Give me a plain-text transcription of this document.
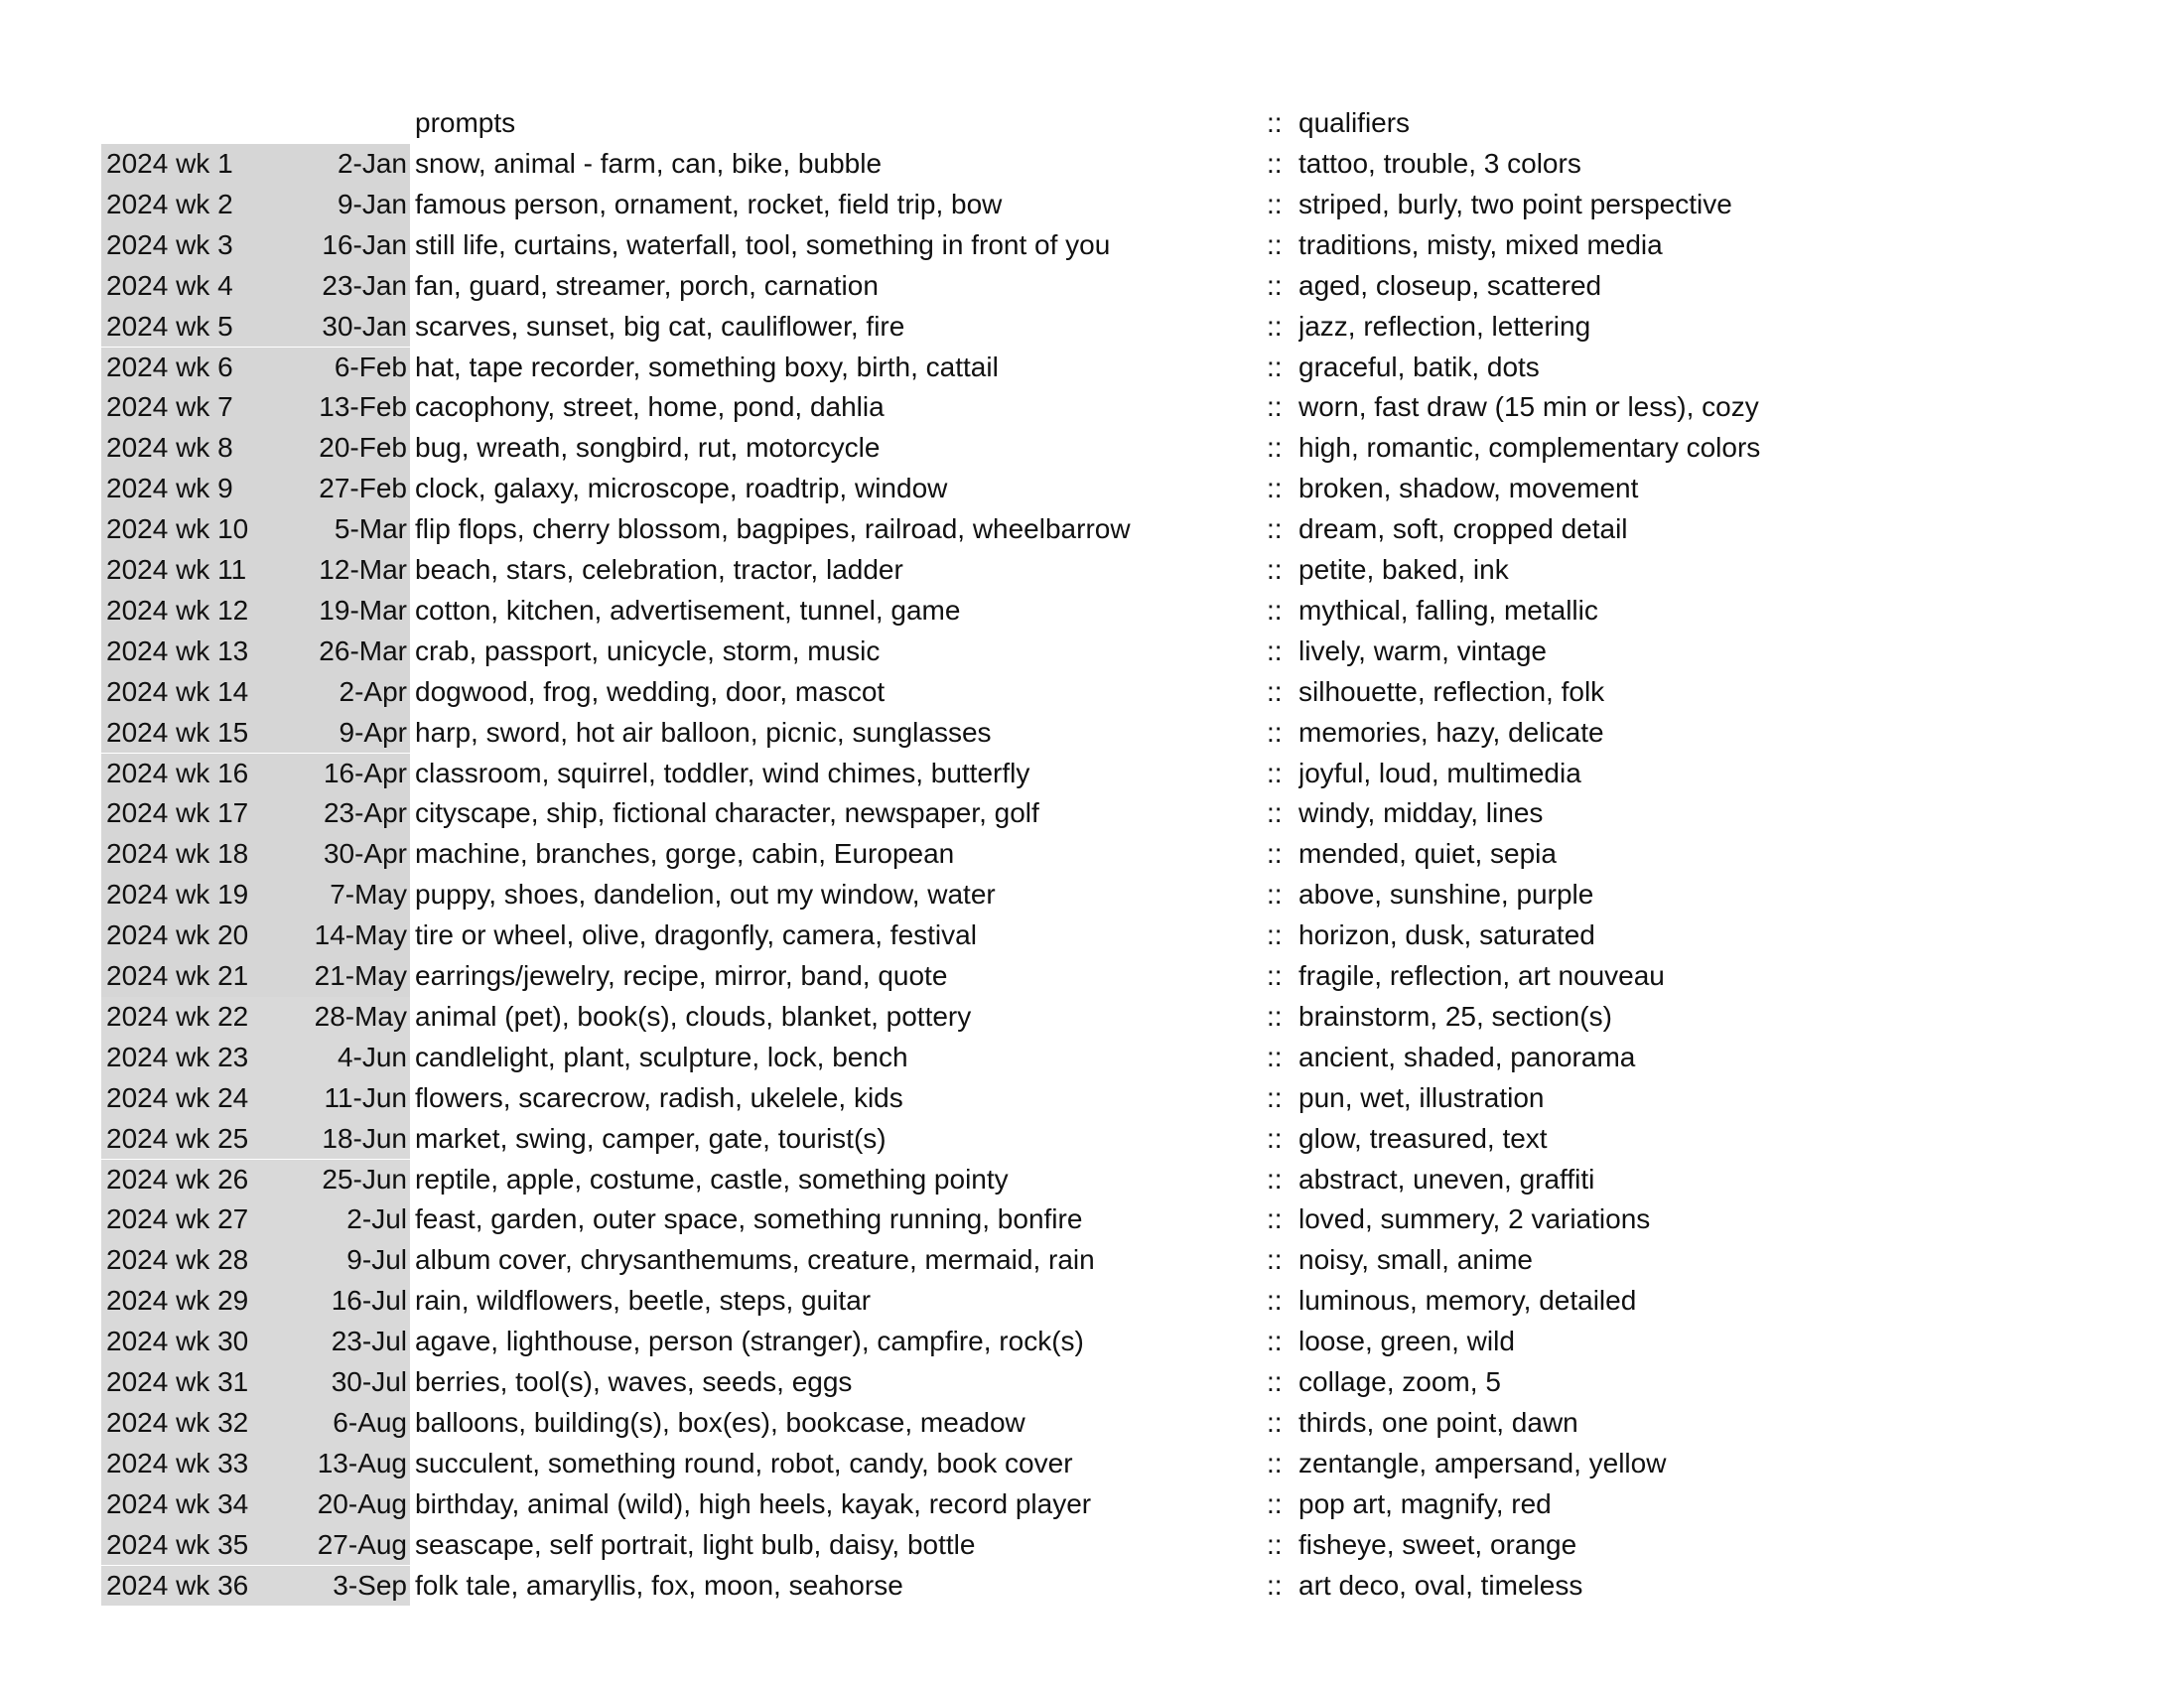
prompts	:: qualifiers
2024 wk 1	2-Jan snow, animal - farm, can, bike, bubble	:: tattoo, trouble, 3 colors
2024 wk 2	9-Jan famous person, ornament, rocket, field trip, bow	:: striped, burly, two point perspective
2024 wk 3	16-Jan still life, curtains, waterfall, tool, something in front of you	:: traditions, misty, mixed media
2024 wk 4	23-Jan fan, guard, streamer, porch, carnation	:: aged, closeup, scattered
2024 wk 5	30-Jan scarves, sunset, big cat, cauliflower, fire	:: jazz, reflection, lettering
2024 wk 6	6-Feb hat, tape recorder, something boxy, birth, cattail	:: graceful, batik, dots
2024 wk 7	13-Feb cacophony, street, home, pond, dahlia	:: worn, fast draw (15 min or less), cozy
2024 wk 8	20-Feb bug, wreath, songbird, rut, motorcycle	:: high, romantic, complementary colors
2024 wk 9	27-Feb clock, galaxy, microscope, roadtrip, window	:: broken, shadow, movement
2024 wk 10	5-Mar flip flops, cherry blossom, bagpipes, railroad, wheelbarrow	:: dream, soft, cropped detail
2024 wk 11	12-Mar beach, stars, celebration, tractor, ladder	:: petite, baked, ink
2024 wk 12	19-Mar cotton, kitchen, advertisement, tunnel, game	:: mythical, falling, metallic
2024 wk 13	26-Mar crab, passport, unicycle, storm, music	:: lively, warm, vintage
2024 wk 14	2-Apr dogwood, frog, wedding, door, mascot	:: silhouette, reflection, folk
2024 wk 15	9-Apr harp, sword, hot air balloon, picnic, sunglasses	:: memories, hazy, delicate
2024 wk 16	16-Apr classroom, squirrel, toddler, wind chimes, butterfly	:: joyful, loud, multimedia
2024 wk 17	23-Apr cityscape, ship, fictional character, newspaper, golf	:: windy, midday, lines
2024 wk 18	30-Apr machine, branches, gorge, cabin, European	:: mended, quiet, sepia
2024 wk 19	7-May puppy, shoes, dandelion, out my window, water	:: above, sunshine, purple
2024 wk 20	14-May tire or wheel, olive, dragonfly, camera, festival	:: horizon, dusk, saturated
2024 wk 21	21-May earrings/jewelry, recipe, mirror, band, quote	:: fragile, reflection, art nouveau
2024 wk 22	28-May animal (pet), book(s), clouds, blanket, pottery	:: brainstorm, 25, section(s)
2024 wk 23	4-Jun candlelight, plant, sculpture, lock, bench	:: ancient, shaded, panorama
2024 wk 24	11-Jun flowers, scarecrow, radish, ukelele, kids	:: pun, wet, illustration
2024 wk 25	18-Jun market, swing, camper, gate, tourist(s)	:: glow, treasured, text
2024 wk 26	25-Jun reptile, apple, costume, castle, something pointy	:: abstract, uneven, graffiti
2024 wk 27	2-Jul feast, garden, outer space, something running, bonfire	:: loved, summery, 2 variations
2024 wk 28	9-Jul album cover, chrysanthemums, creature, mermaid, rain	:: noisy, small, anime
2024 wk 29	16-Jul rain, wildflowers, beetle, steps, guitar	:: luminous, memory, detailed
2024 wk 30	23-Jul agave, lighthouse, person (stranger), campfire, rock(s)	:: loose, green, wild
2024 wk 31	30-Jul berries, tool(s), waves, seeds, eggs	:: collage, zoom, 5
2024 wk 32	6-Aug balloons, building(s), box(es), bookcase, meadow	:: thirds, one point, dawn
2024 wk 33	13-Aug succulent, something round, robot, candy, book cover	:: zentangle, ampersand, yellow
2024 wk 34	20-Aug birthday, animal (wild), high heels, kayak, record player	:: pop art, magnify, red
2024 wk 35	27-Aug seascape, self portrait, light bulb, daisy, bottle	:: fisheye, sweet, orange
2024 wk 36	3-Sep folk tale, amaryllis, fox, moon, seahorse	:: art deco, oval, timeless
